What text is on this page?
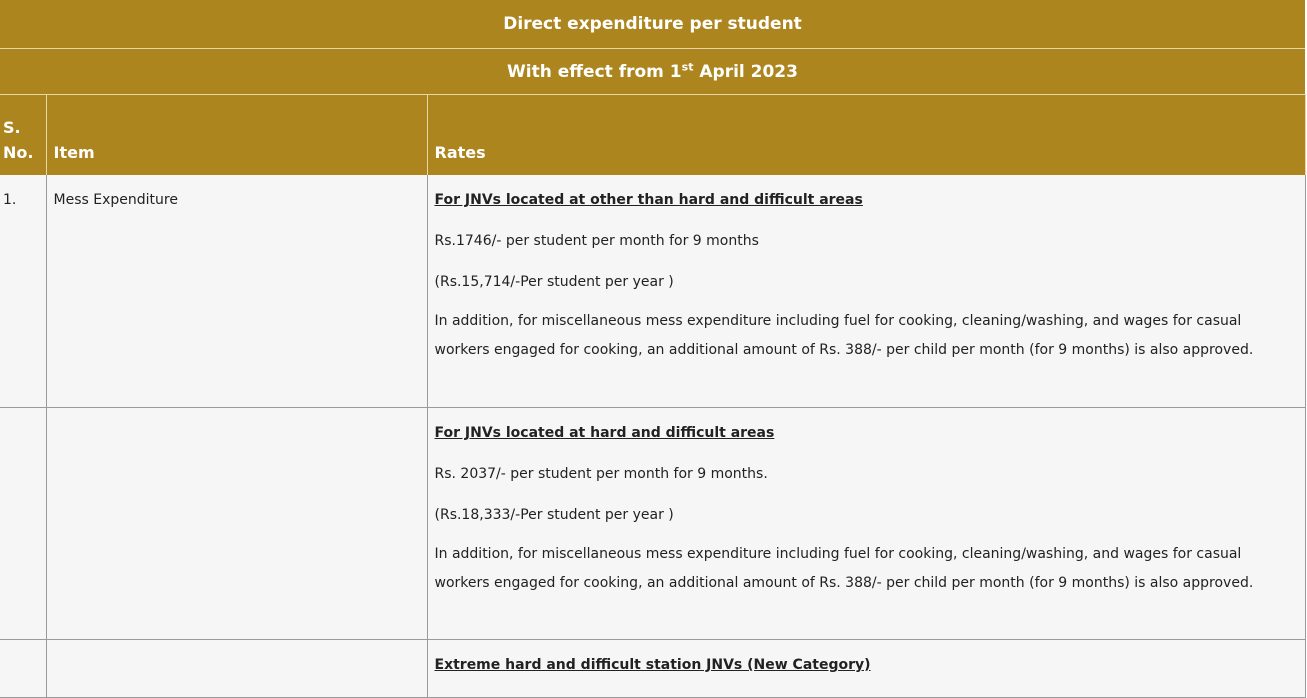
Direct expenditure per student		
With effect from 1st April 2023		
S.
No.	Item	Rates
1.	Mess Expenditure	For JNVs located at other than hard and difficult areas
Rs.1746/- per student per month for 9 months
(Rs.15,714/-Per student per year )
In addition, for miscellaneous mess expenditure including fuel for cooking, cleaning/washing, and wages for casual workers engaged for cooking, an additional amount of Rs. 388/- per child per month (for 9 months) is also approved.

		For JNVs located at hard and difficult areas
Rs. 2037/- per student per month for 9 months.
(Rs.18,333/-Per student per year )
In addition, for miscellaneous mess expenditure including fuel for cooking, cleaning/washing, and wages for casual workers engaged for cooking, an additional amount of Rs. 388/- per child per month (for 9 months) is also approved.

		Extreme hard and difficult station JNVs (New Category)
